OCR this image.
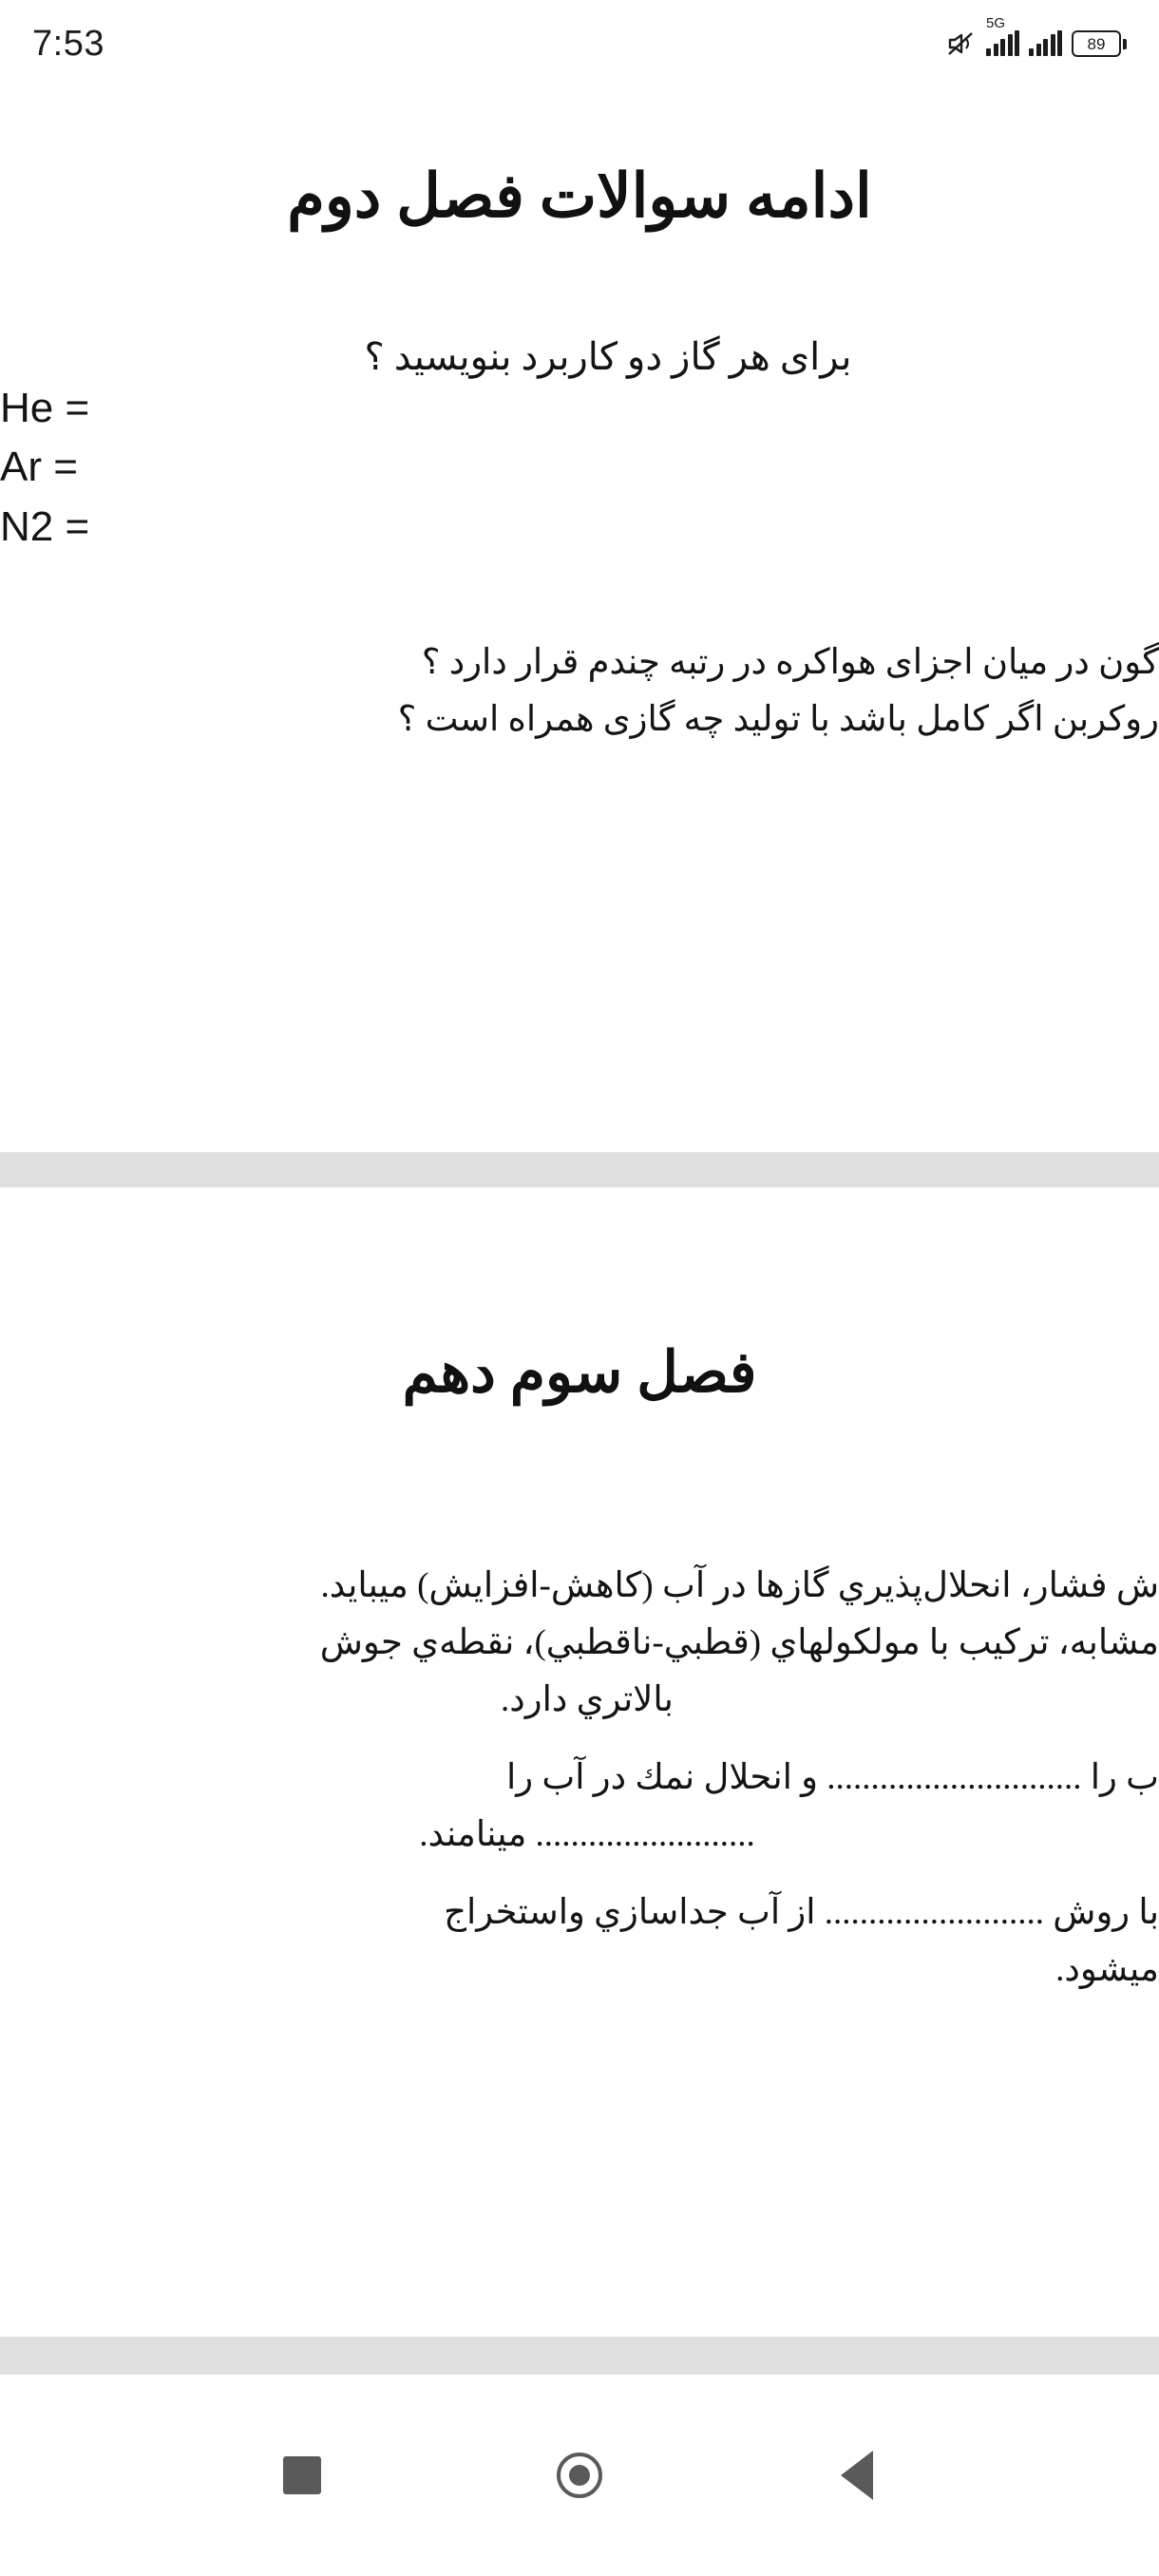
7:53	5G
89
ادامه سوالات فصل دوم

برای هر گاز دو کاربرد بنویسید ؟

He =

Ar =

N2 =

گون در میان اجزای هواکره در رتبه چندم قرار دارد ؟

روکربن اگر کامل باشد با تولید چه گازی همراه است ؟

فصل سوم دهم

ش فشار، انحلال‌پذيري گازها در آب (کاهش-افزایش) میباید.

مشابه، ترکیب با مولکولهاي (قطبي-ناقطبي)، نقطه‌ي جوش

بالاتري دارد.

ب را ............................. و انحلال نمك در آب را

......................... مينامند.

با روش ......................... از آب جداسازي واستخراج

میشود.
